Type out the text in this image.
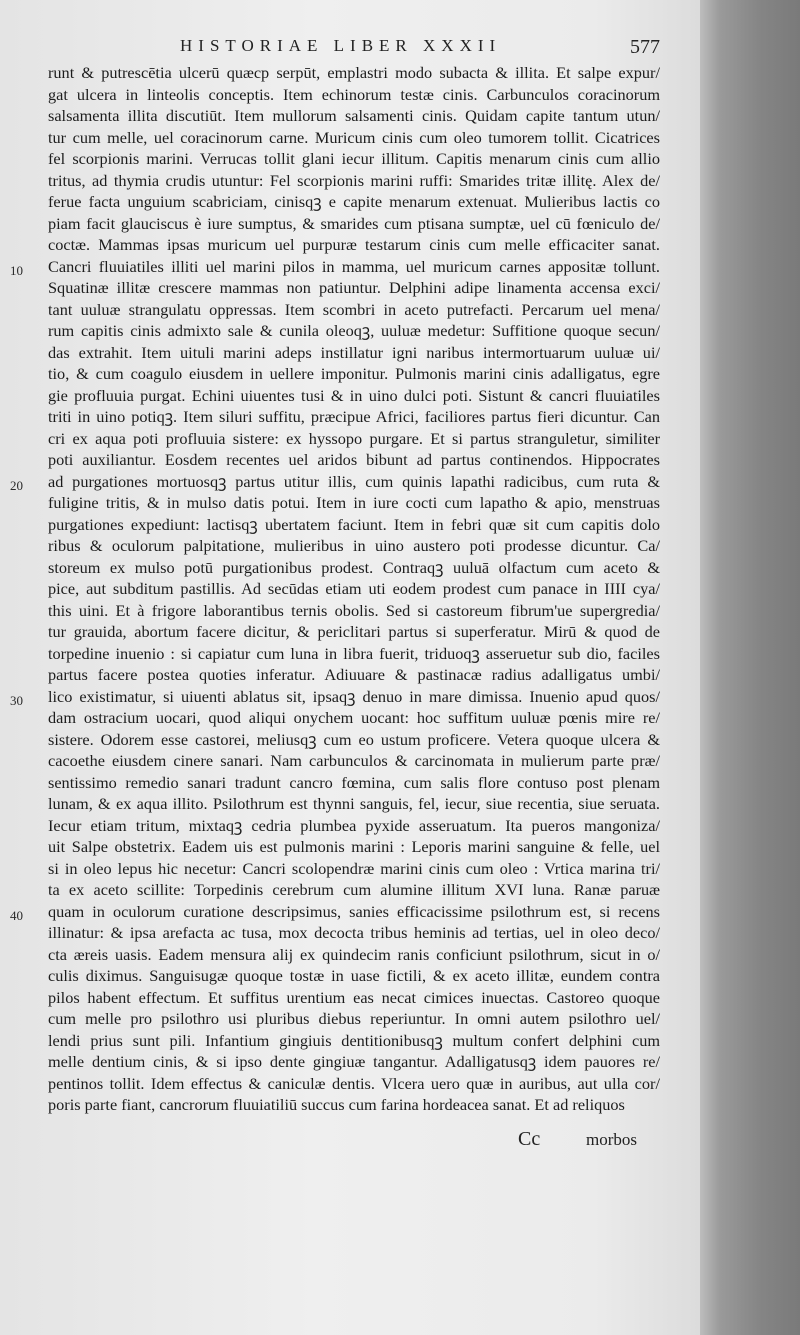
HISTORIAE LIBER XXXII	577
10
20
30
40
runt & putrescētia ulcerū quæcp serpūt, emplastri modo subacta & illita. Et salpe expur/
gat ulcera in linteolis conceptis. Item echinorum testæ cinis. Carbunculos coracinorum
salsamenta illita discutiūt. Item mullorum salsamenti cinis. Quidam capite tantum utun/
tur cum melle, uel coracinorum carne. Muricum cinis cum oleo tumorem tollit. Cicatrices
fel scorpionis marini. Verrucas tollit glani iecur illitum. Capitis menarum cinis cum allio
tritus, ad thymia crudis utuntur: Fel scorpionis marini ruffi: Smarides tritæ illitę. Alex de/
ferue facta unguium scabriciam, cinisqꝫ e capite menarum extenuat. Mulieribus lactis co
piam facit glauciscus è iure sumptus, & smarides cum ptisana sumptæ, uel cū fœniculo de/
coctæ. Mammas ipsas muricum uel purpuræ testarum cinis cum melle efficaciter sanat.
Cancri fluuiatiles illiti uel marini pilos in mamma, uel muricum carnes appositæ tollunt.
Squatinæ illitæ crescere mammas non patiuntur. Delphini adipe linamenta accensa exci/
tant uuluæ strangulatu oppressas. Item scombri in aceto putrefacti. Percarum uel mena/
rum capitis cinis admixto sale & cunila oleoqꝫ, uuluæ medetur: Suffitione quoque secun/
das extrahit. Item uituli marini adeps instillatur igni naribus intermortuarum uuluæ ui/
tio, & cum coagulo eiusdem in uellere imponitur. Pulmonis marini cinis adalligatus, egre
gie profluuia purgat. Echini uiuentes tusi & in uino dulci poti. Sistunt & cancri fluuiatiles
triti in uino potiqꝫ. Item siluri suffitu, præcipue Africi, faciliores partus fieri dicuntur. Can
cri ex aqua poti profluuia sistere: ex hyssopo purgare. Et si partus stranguletur, similiter
poti auxiliantur. Eosdem recentes uel aridos bibunt ad partus continendos. Hippocrates
ad purgationes mortuosqꝫ partus utitur illis, cum quinis lapathi radicibus, cum ruta &
fuligine tritis, & in mulso datis potui. Item in iure cocti cum lapatho & apio, menstruas
purgationes expediunt: lactisqꝫ ubertatem faciunt. Item in febri quæ sit cum capitis dolo
ribus & oculorum palpitatione, mulieribus in uino austero poti prodesse dicuntur. Ca/
storeum ex mulso potū purgationibus prodest. Contraqꝫ uuluā olfactum cum aceto &
pice, aut subditum pastillis. Ad secūdas etiam uti eodem prodest cum panace in IIII cya/
this uini. Et à frigore laborantibus ternis obolis. Sed si castoreum fibrum'ue supergredia/
tur grauida, abortum facere dicitur, & periclitari partus si superferatur. Mirū & quod de
torpedine inuenio : si capiatur cum luna in libra fuerit, triduoqꝫ asseruetur sub dio, faciles
partus facere postea quoties inferatur. Adiuuare & pastinacæ radius adalligatus umbi/
lico existimatur, si uiuenti ablatus sit, ipsaqꝫ denuo in mare dimissa. Inuenio apud quos/
dam ostracium uocari, quod aliqui onychem uocant: hoc suffitum uuluæ pœnis mire re/
sistere. Odorem esse castorei, meliusqꝫ cum eo ustum proficere. Vetera quoque ulcera &
cacoethe eiusdem cinere sanari. Nam carbunculos & carcinomata in mulierum parte præ/
sentissimo remedio sanari tradunt cancro fœmina, cum salis flore contuso post plenam
lunam, & ex aqua illito. Psilothrum est thynni sanguis, fel, iecur, siue recentia, siue seruata.
Iecur etiam tritum, mixtaqꝫ cedria plumbea pyxide asseruatum. Ita pueros mangoniza/
uit Salpe obstetrix. Eadem uis est pulmonis marini : Leporis marini sanguine & felle, uel
si in oleo lepus hic necetur: Cancri scolopendræ marini cinis cum oleo : Vrtica marina tri/
ta ex aceto scillite: Torpedinis cerebrum cum alumine illitum XVI luna. Ranæ paruæ
quam in oculorum curatione descripsimus, sanies efficacissime psilothrum est, si recens
illinatur: & ipsa arefacta ac tusa, mox decocta tribus heminis ad tertias, uel in oleo deco/
cta æreis uasis. Eadem mensura alij ex quindecim ranis conficiunt psilothrum, sicut in o/
culis diximus. Sanguisugæ quoque tostæ in uase fictili, & ex aceto illitæ, eundem contra
pilos habent effectum. Et suffitus urentium eas necat cimices inuectas. Castoreo quoque
cum melle pro psilothro usi pluribus diebus reperiuntur. In omni autem psilothro uel/
lendi prius sunt pili. Infantium gingiuis dentitionibusqꝫ multum confert delphini cum
melle dentium cinis, & si ipso dente gingiuæ tangantur. Adalligatusqꝫ idem pauores re/
pentinos tollit. Idem effectus & caniculæ dentis. Vlcera uero quæ in auribus, aut ulla cor/
poris parte fiant, cancrorum fluuiatiliū succus cum farina hordeacea sanat. Et ad reliquos
Cc	morbos
